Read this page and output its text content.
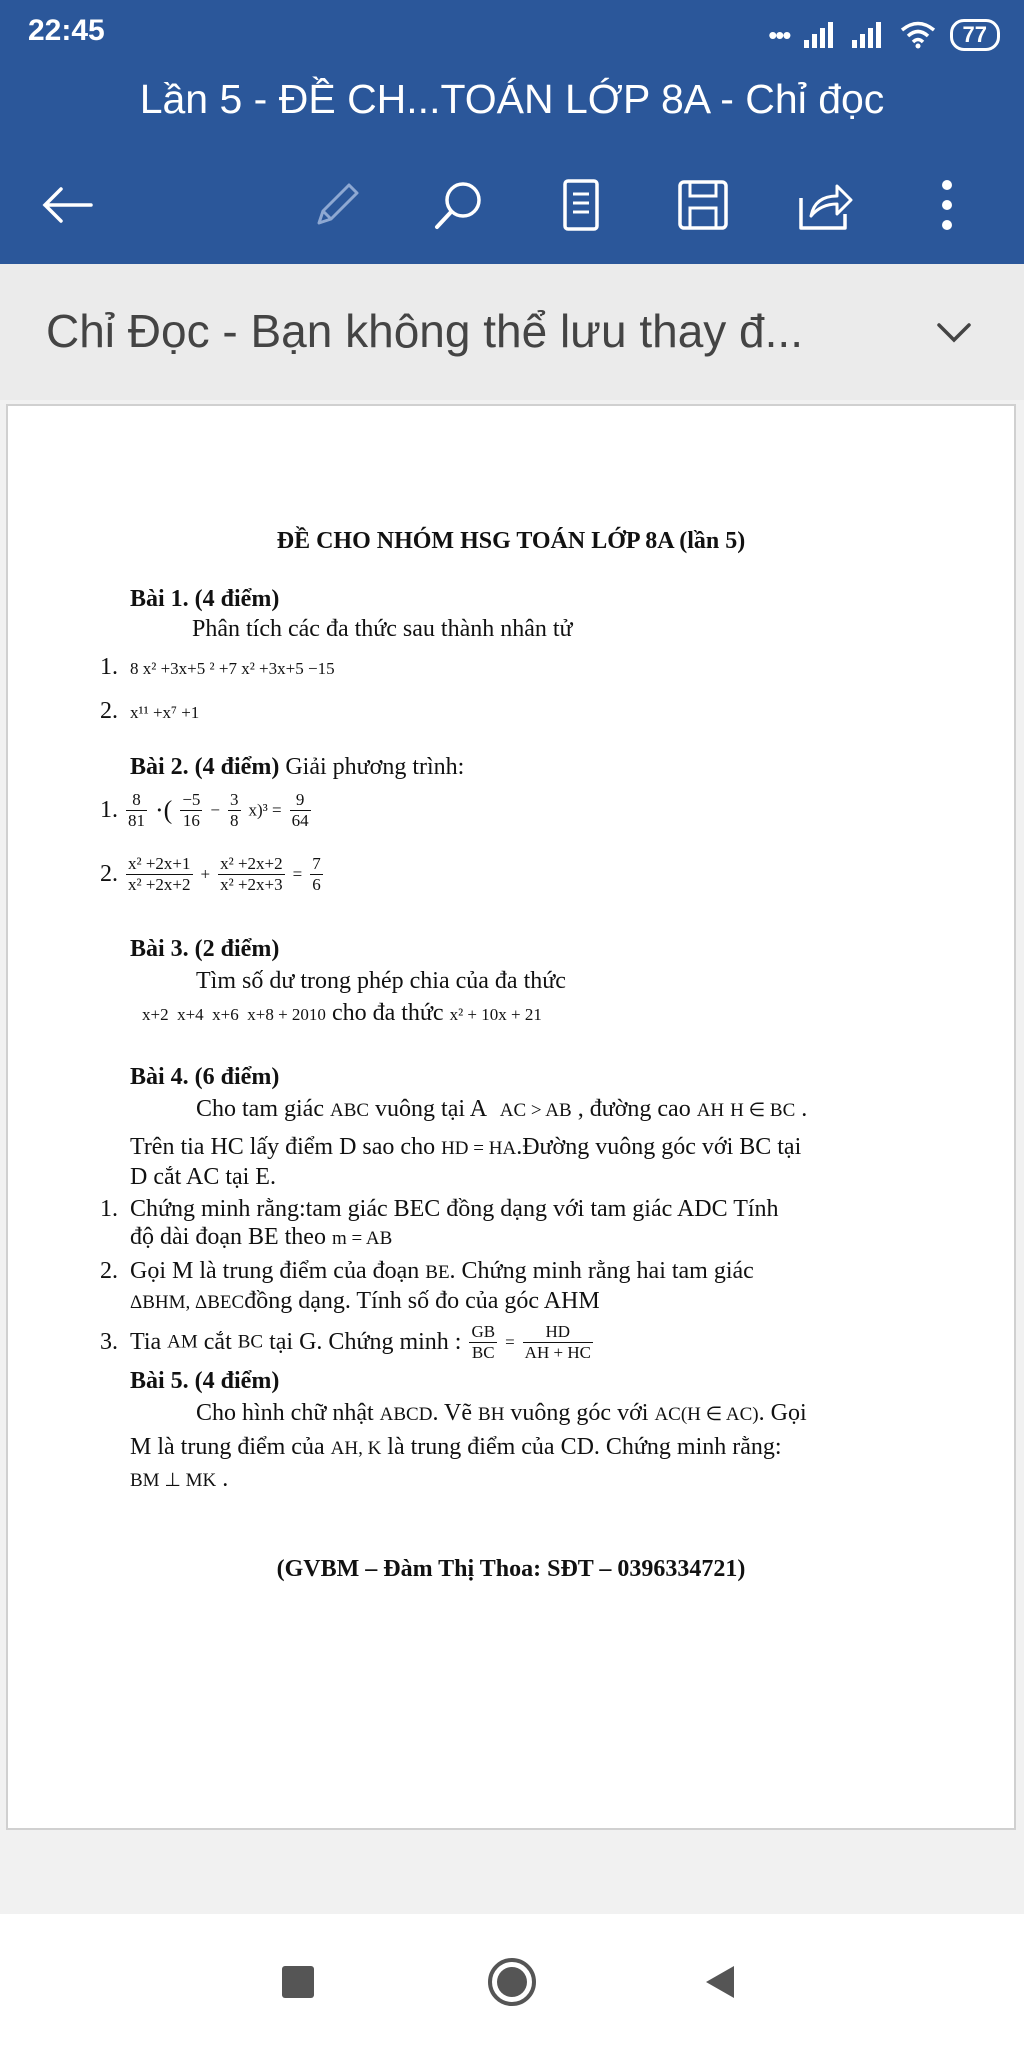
22:45	•••	77
Lần 5 - ĐỀ CH...TOÁN LỚP 8A - Chỉ đọc
Chỉ Đọc - Bạn không thể lưu thay đ...
ĐỀ CHO NHÓM HSG TOÁN LỚP 8A (lần 5)
Bài 1. (4 điểm)
Phân tích các đa thức sau thành nhân tử
1. 8 x² +3x+5 ² +7 x² +3x+5 −15
2. x¹¹ +x⁷ +1
Bài 2. (4 điểm) Giải phương trình:
1. $\frac{8}{81}$ ·( $\frac{-5}{16} - \frac{3}{8} x)^3 = \frac{9}{64}$
2. $\frac{\text{x² +2x+1}}{\text{x² +2x+2}} + \frac{\text{x² +2x+2}}{\text{x² +2x+3}} = \frac{7}{6}$
Bài 3. (2 điểm)
Tìm số dư trong phép chia của đa thức
x+2  x+4  x+6  x+8 + 2010 cho đa thức x² + 10x + 21
Bài 4. (6 điểm)
Cho tam giác ABC vuông tại A AC > AB , đường cao AH H ∈ BC .
Trên tia HC lấy điểm D sao cho HD = HA.Đường vuông góc với BC tại
D cắt AC tại E.
1. Chứng minh rằng:tam giác BEC đồng dạng với tam giác ADC Tính
độ dài đoạn BE theo m = AB
2. Gọi M là trung điểm của đoạn BE. Chứng minh rằng hai tam giác
ΔBHM, ΔBECđồng dạng. Tính số đo của góc AHM
3. Tia AM cắt BC tại G. Chứng minh : $\frac{GB}{BC} = \frac{HD}{AH + HC}$
Bài 5. (4 điểm)
Cho hình chữ nhật ABCD. Vẽ BH vuông góc với AC(H ∈ AC). Gọi
M là trung điểm của AH, K là trung điểm của CD. Chứng minh rằng:
BM ⊥ MK .
(GVBM – Đàm Thị Thoa: SĐT – 0396334721)
